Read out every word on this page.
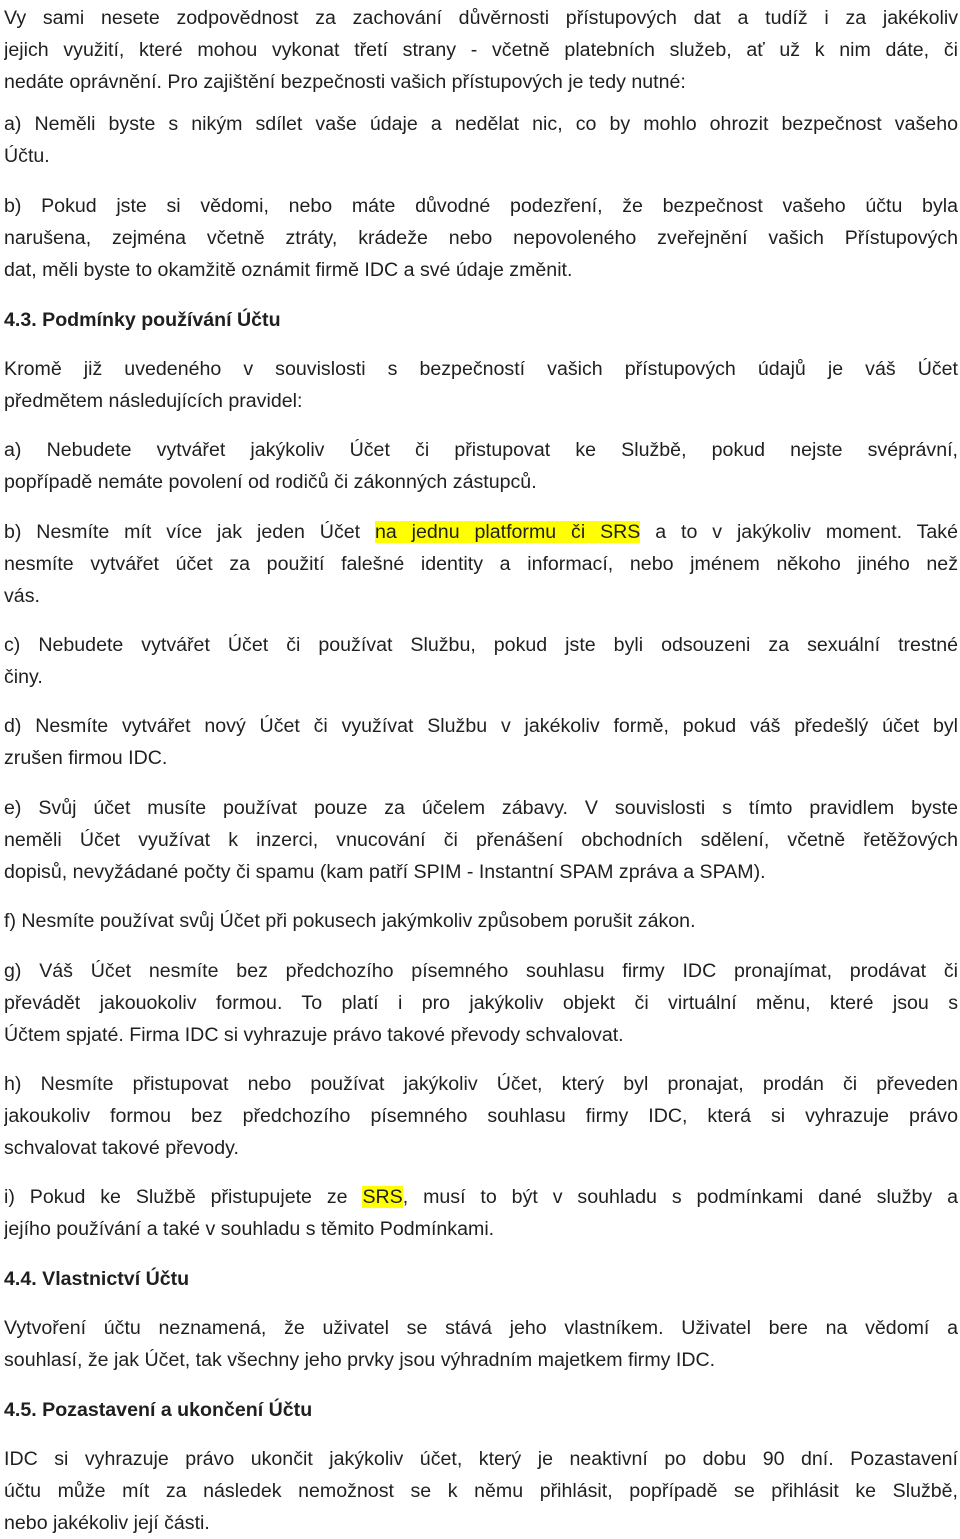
Vy sami nesete zodpovědnost za zachování důvěrnosti přístupových dat a tudíž i za jakékoliv
jejich využití, které mohou vykonat třetí strany - včetně platebních služeb, ať už k nim dáte, či
nedáte oprávnění. Pro zajištění bezpečnosti vašich přístupových je tedy nutné:
a) Neměli byste s nikým sdílet vaše údaje a nedělat nic, co by mohlo ohrozit bezpečnost vašeho
Účtu.
b) Pokud jste si vědomi, nebo máte důvodné podezření, že bezpečnost vašeho účtu byla
narušena, zejména včetně ztráty, krádeže nebo nepovoleného zveřejnění vašich Přístupových
dat, měli byste to okamžitě oznámit firmě IDC a své údaje změnit.
4.3. Podmínky používání Účtu
Kromě již uvedeného v souvislosti s bezpečností vašich přístupových údajů je váš Účet
předmětem následujících pravidel:
a) Nebudete vytvářet jakýkoliv Účet či přistupovat ke Službě, pokud nejste svéprávní,
popřípadě nemáte povolení od rodičů či zákonných zástupců.
b) Nesmíte mít více jak jeden Účet na jednu platformu či SRS a to v jakýkoliv moment. Také
nesmíte vytvářet účet za použití falešné identity a informací, nebo jménem někoho jiného než
vás.
c) Nebudete vytvářet Účet či používat Službu, pokud jste byli odsouzeni za sexuální trestné
činy.
d) Nesmíte vytvářet nový Účet či využívat Službu v jakékoliv formě, pokud váš předešlý účet byl
zrušen firmou IDC.
e) Svůj účet musíte používat pouze za účelem zábavy. V souvislosti s tímto pravidlem byste
neměli Účet využívat k inzerci, vnucování či přenášení obchodních sdělení, včetně řetěžových
dopisů, nevyžádané počty či spamu (kam patří SPIM - Instantní SPAM zpráva a SPAM).
f) Nesmíte používat svůj Účet při pokusech jakýmkoliv způsobem porušit zákon.
g) Váš Účet nesmíte bez předchozího písemného souhlasu firmy IDC pronajímat, prodávat či
převádět jakouokoliv formou. To platí i pro jakýkoliv objekt či virtuální měnu, které jsou s
Účtem spjaté. Firma IDC si vyhrazuje právo takové převody schvalovat.
h) Nesmíte přistupovat nebo používat jakýkoliv Účet, který byl pronajat, prodán či převeden
jakoukoliv formou bez předchozího písemného souhlasu firmy IDC, která si vyhrazuje právo
schvalovat takové převody.
i) Pokud ke Službě přistupujete ze SRS, musí to být v souhladu s podmínkami dané služby a
jejího používání a také v souhladu s těmito Podmínkami.
4.4. Vlastnictví Účtu
Vytvoření účtu neznamená, že uživatel se stává jeho vlastníkem. Uživatel bere na vědomí a
souhlasí, že jak Účet, tak všechny jeho prvky jsou výhradním majetkem firmy IDC.
4.5. Pozastavení a ukončení Účtu
IDC si vyhrazuje právo ukončit jakýkoliv účet, který je neaktivní po dobu 90 dní. Pozastavení
účtu může mít za následek nemožnost se k němu přihlásit, popřípadě se přihlásit ke Službě,
nebo jakékoliv její části.
